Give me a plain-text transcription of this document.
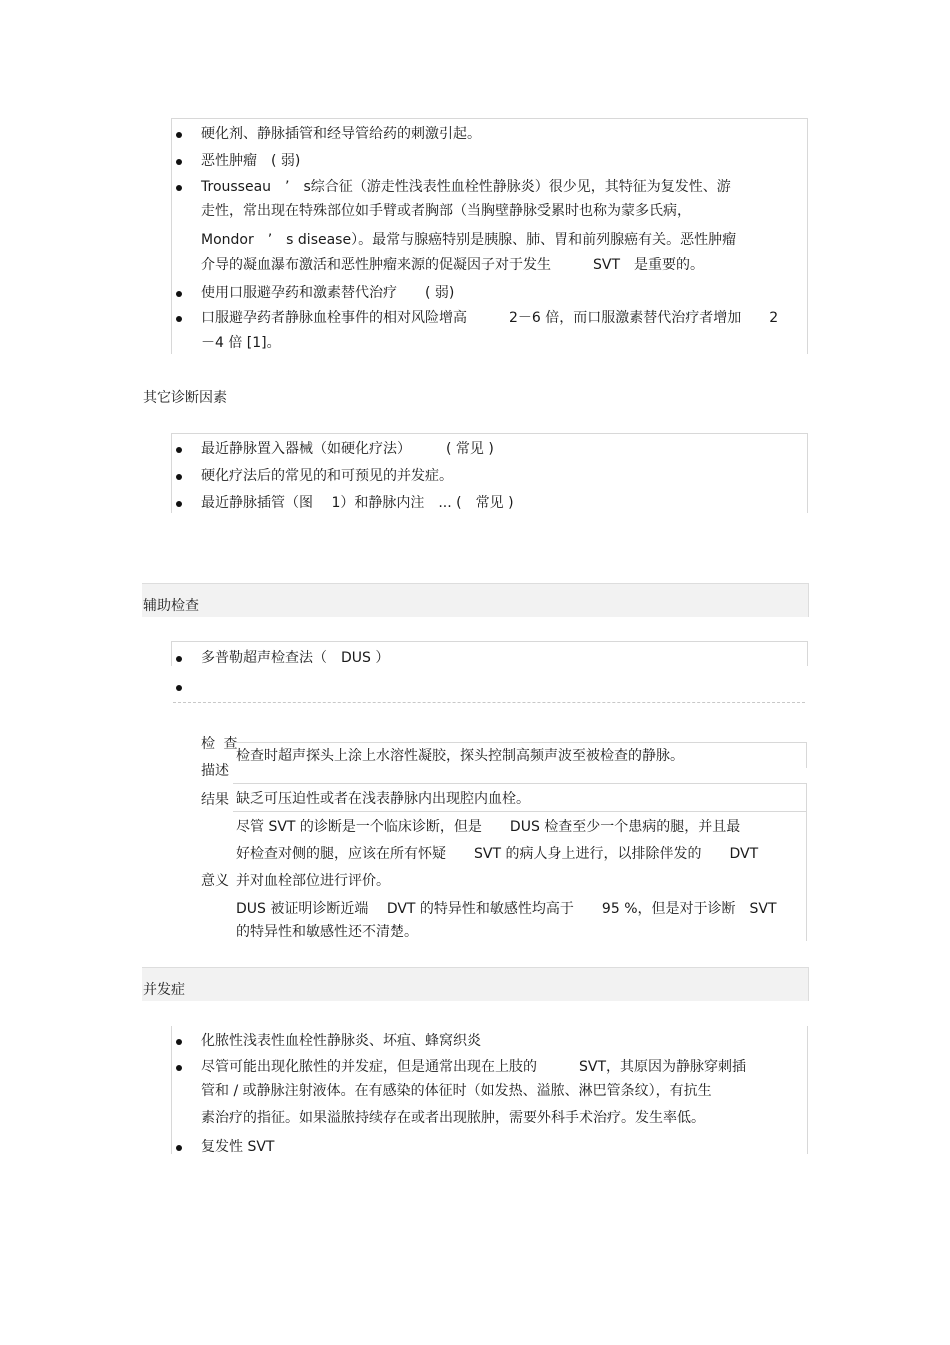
硬化剂、静脉插管和经导管给药的刺激引起。
恶性肿瘤　( 弱)
Trousseau　’　s综合征（游走性浅表性血栓性静脉炎）很少见，其特征为复发性、游
走性，常出现在特殊部位如手臂或者胸部（当胸壁静脉受累时也称为蒙多氏病，
Mondor　’　s disease）。最常与腺癌特别是胰腺、肺、胃和前列腺癌有关。恶性肿瘤
介导的凝血瀑布激活和恶性肿瘤来源的促凝因子对于发生　　　SVT　是重要的。
使用口服避孕药和激素替代治疗　　( 弱)
口服避孕药者静脉血栓事件的相对风险增高　　　2－6 倍，而口服激素替代治疗者增加　　2
－4 倍 [1]。
其它诊断因素
最近静脉置入器械（如硬化疗法）　　　( 常见 )
硬化疗法后的常见的和可预见的并发症。
最近静脉插管（图　 1）和静脉内注　... (　常见 )
辅助检查
多普勒超声检查法（　DUS ）
检 查
描述
检查时超声探头上涂上水溶性凝胶，探头控制高频声波至被检查的静脉。
结果 缺乏可压迫性或者在浅表静脉内出现腔内血栓。
意义
尽管 SVT 的诊断是一个临床诊断，但是　　DUS 检查至少一个患病的腿，并且最
好检查对侧的腿，应该在所有怀疑　　SVT 的病人身上进行，以排除伴发的　　DVT
并对血栓部位进行评价。
DUS 被证明诊断近端　 DVT 的特异性和敏感性均高于　　95 %，但是对于诊断　SVT
的特异性和敏感性还不清楚。
并发症
化脓性浅表性血栓性静脉炎、坏疽、蜂窝织炎
尽管可能出现化脓性的并发症，但是通常出现在上肢的　　　SVT，其原因为静脉穿刺插
管和 / 或静脉注射液体。在有感染的体征时（如发热、溢脓、淋巴管条纹），有抗生
素治疗的指征。如果溢脓持续存在或者出现脓肿，需要外科手术治疗。发生率低。
复发性 SVT
